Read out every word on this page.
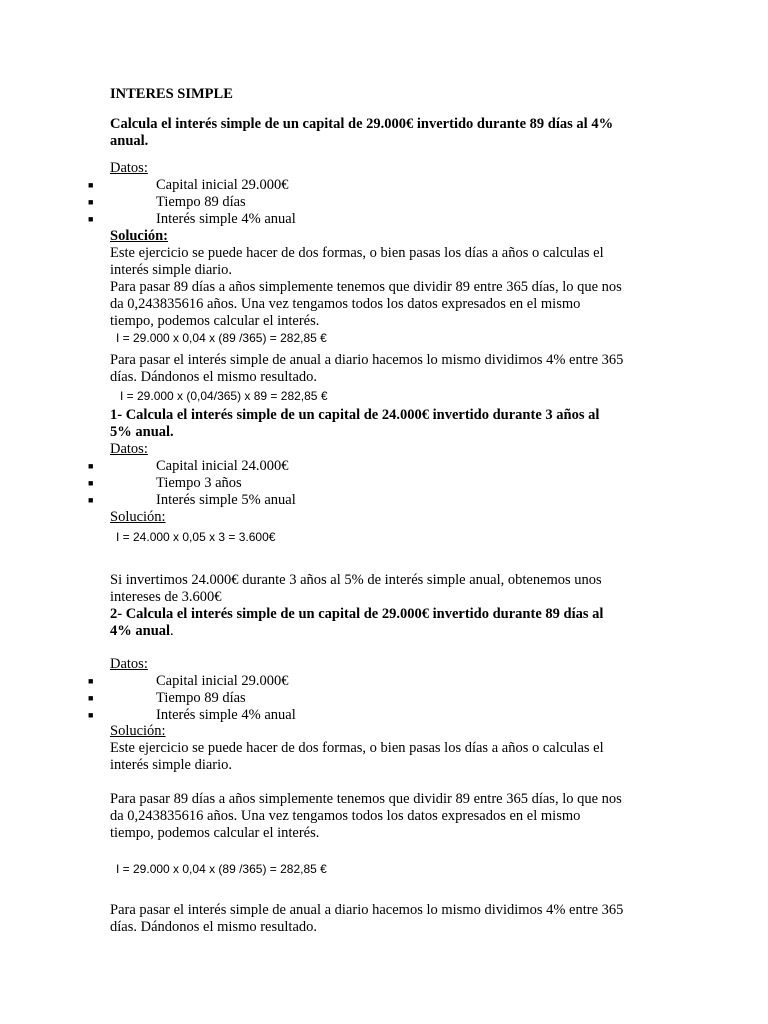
INTERES SIMPLE
Calcula el interés simple de un capital de 29.000€ invertido durante 89 días al 4%
anual.
Datos:
■	Capital inicial 29.000€
■	Tiempo 89 días
■	Interés simple 4% anual
Solución:
Este ejercicio se puede hacer de dos formas, o bien pasas los días a años o calculas el
interés simple diario.
Para pasar 89 días a años simplemente tenemos que dividir 89 entre 365 días, lo que nos
da 0,243835616 años. Una vez tengamos todos los datos expresados en el mismo
tiempo, podemos calcular el interés.
I = 29.000 x 0,04 x (89 /365) = 282,85 €
Para pasar el interés simple de anual a diario hacemos lo mismo dividimos 4% entre 365
días. Dándonos el mismo resultado.
I = 29.000 x (0,04/365) x 89 = 282,85 €
1- Calcula el interés simple de un capital de 24.000€ invertido durante 3 años al
5% anual.
Datos:
■	Capital inicial 24.000€
■	Tiempo 3 años
■	Interés simple 5% anual
Solución:
I = 24.000 x 0,05 x 3 = 3.600€
Si invertimos 24.000€ durante 3 años al 5% de interés simple anual, obtenemos unos
intereses de 3.600€
2- Calcula el interés simple de un capital de 29.000€ invertido durante 89 días al
4% anual.
Datos:
■	Capital inicial 29.000€
■	Tiempo 89 días
■	Interés simple 4% anual
Solución:
Este ejercicio se puede hacer de dos formas, o bien pasas los días a años o calculas el
interés simple diario.
Para pasar 89 días a años simplemente tenemos que dividir 89 entre 365 días, lo que nos
da 0,243835616 años. Una vez tengamos todos los datos expresados en el mismo
tiempo, podemos calcular el interés.
I = 29.000 x 0,04 x (89 /365) = 282,85 €
Para pasar el interés simple de anual a diario hacemos lo mismo dividimos 4% entre 365
días. Dándonos el mismo resultado.
